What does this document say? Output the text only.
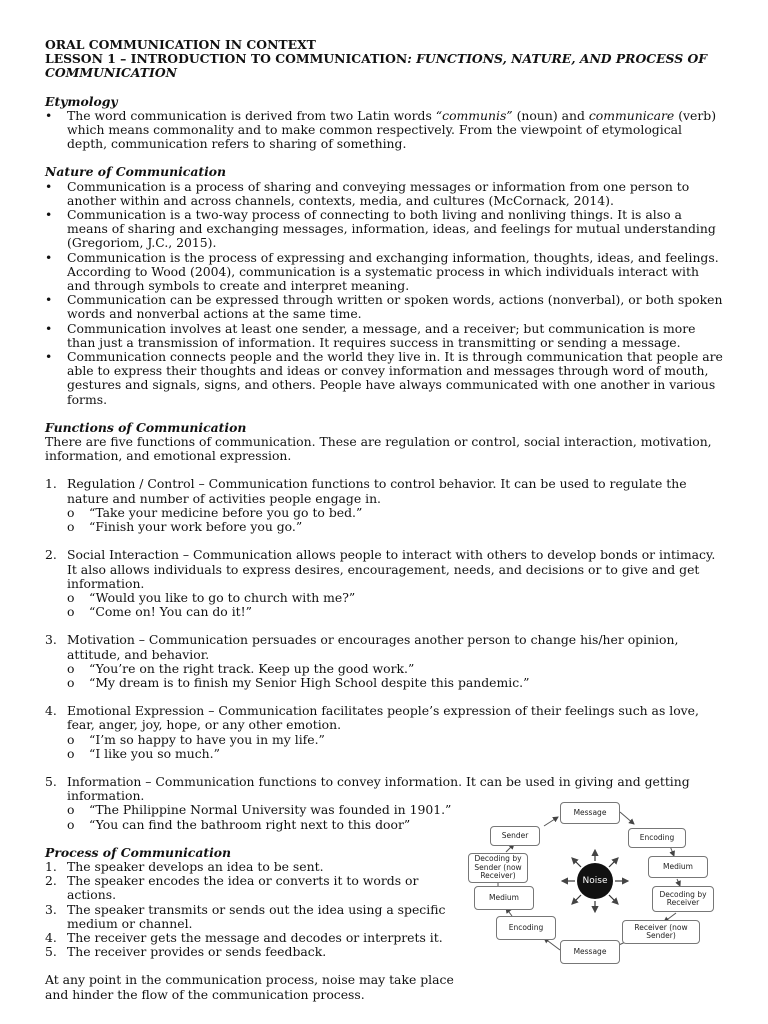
ORAL COMMUNICATION IN CONTEXT
LESSON 1 – INTRODUCTION TO COMMUNICATION: FUNCTIONS, NATURE, AND PROCESS OF COMMUNICATION
Etymology
• The word communication is derived from two Latin words “communis” (noun) and communicare (verb) which means commonality and to make common respectively. From the viewpoint of etymological depth, communication refers to sharing of something.
Nature of Communication
• Communication is a process of sharing and conveying messages or information from one person to another within and across channels, contexts, media, and cultures (McCornack, 2014).
• Communication is a two-way process of connecting to both living and nonliving things. It is also a means of sharing and exchanging messages, information, ideas, and feelings for mutual understanding (Gregoriom, J.C., 2015).
• Communication is the process of expressing and exchanging information, thoughts, ideas, and feelings. According to Wood (2004), communication is a systematic process in which individuals interact with and through symbols to create and interpret meaning.
• Communication can be expressed through written or spoken words, actions (nonverbal), or both spoken words and nonverbal actions at the same time.
• Communication involves at least one sender, a message, and a receiver; but communication is more than just a transmission of information. It requires success in transmitting or sending a message.
• Communication connects people and the world they live in. It is through communication that people are able to express their thoughts and ideas or convey information and messages through word of mouth, gestures and signals, signs, and others. People have always communicated with one another in various forms.
Functions of Communication
There are five functions of communication. These are regulation or control, social interaction, motivation, information, and emotional expression.
1. Regulation / Control – Communication functions to control behavior. It can be used to regulate the nature and number of activities people engage in.
o “Take your medicine before you go to bed.”
o “Finish your work before you go.”
2. Social Interaction – Communication allows people to interact with others to develop bonds or intimacy. It also allows individuals to express desires, encouragement, needs, and decisions or to give and get information.
o “Would you like to go to church with me?”
o “Come on! You can do it!”
3. Motivation – Communication persuades or encourages another person to change his/her opinion, attitude, and behavior.
o “You’re on the right track. Keep up the good work.”
o “My dream is to finish my Senior High School despite this pandemic.”
4. Emotional Expression – Communication facilitates people’s expression of their feelings such as love, fear, anger, joy, hope, or any other emotion.
o “I’m so happy to have you in my life.”
o “I like you so much.”
5. Information – Communication functions to convey information. It can be used in giving and getting information.
o “The Philippine Normal University was founded in 1901.”
o “You can find the bathroom right next to this door”
Process of Communication
1. The speaker develops an idea to be sent.
2. The speaker encodes the idea or converts it to words or actions.
3. The speaker transmits or sends out the idea using a specific medium or channel.
4. The receiver gets the message and decodes or interprets it.
5. The receiver provides or sends feedback.
At any point in the communication process, noise may take place and hinder the flow of the communication process.
Message
Encoding
Medium
Decoding by Receiver
Receiver (now Sender)
Message
Encoding
Medium
Decoding by Sender (now Receiver)
Sender
Noise
